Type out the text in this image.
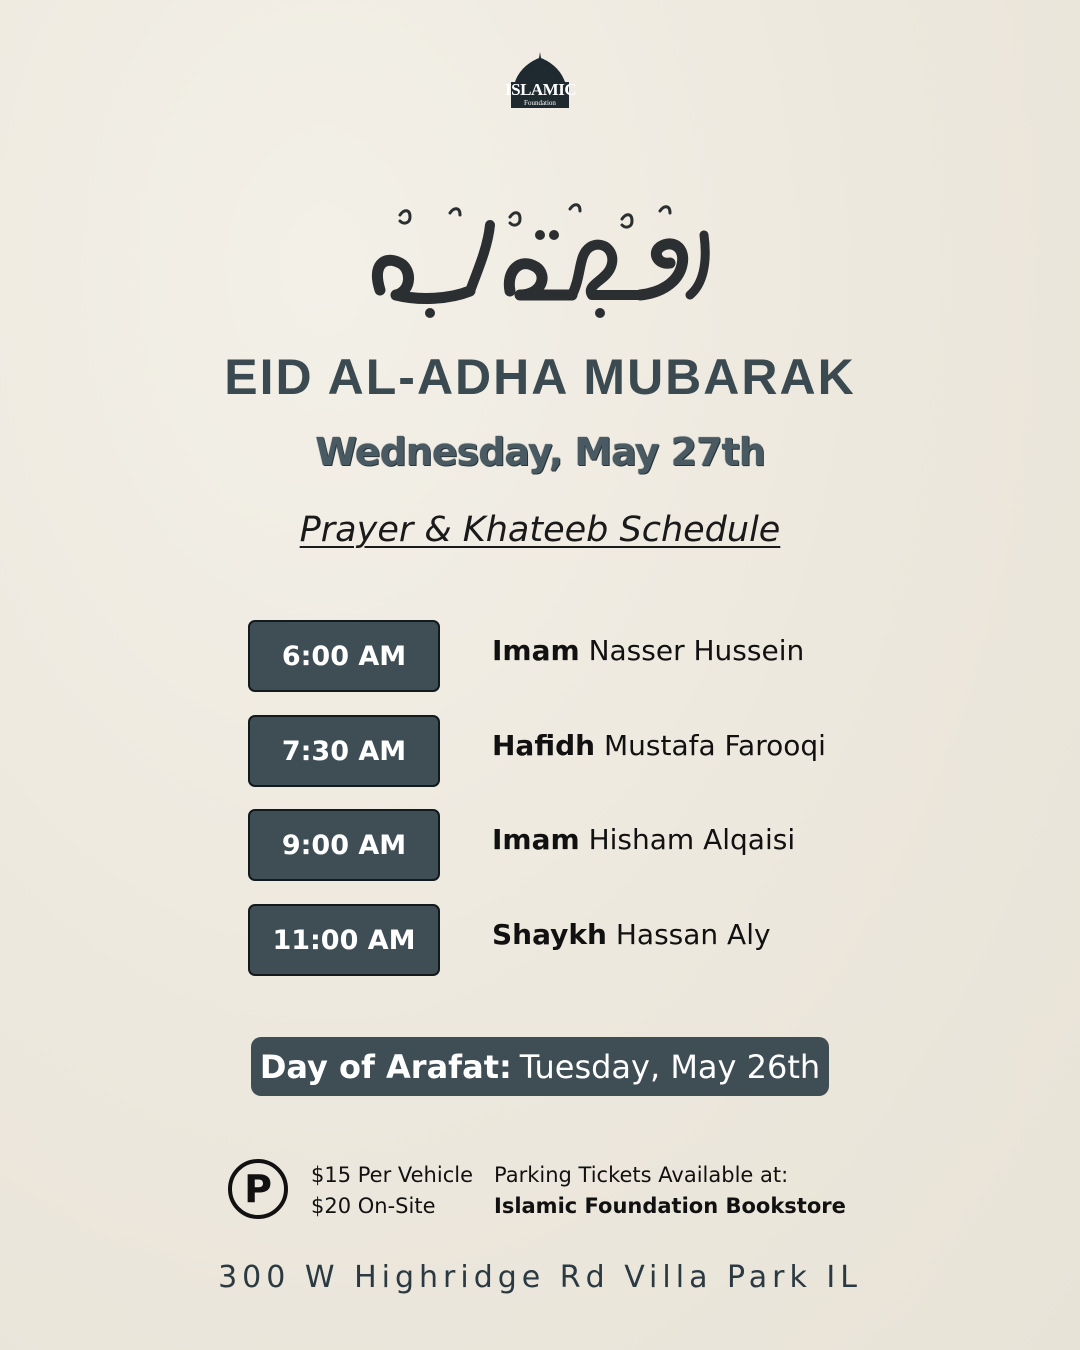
ISLAMIC
Foundation
EID AL-ADHA MUBARAK
Wednesday, May 27th
Prayer & Khateeb Schedule
6:00 AM	Imam Nasser Hussein
7:30 AM	Hafidh Mustafa Farooqi
9:00 AM	Imam Hisham Alqaisi
11:00 AM	Shaykh Hassan Aly
Day of Arafat: Tuesday, May 26th
P	$15 Per Vehicle
$20 On-Site
Parking Tickets Available at:
Islamic Foundation Bookstore
300 W Highridge Rd Villa Park IL
